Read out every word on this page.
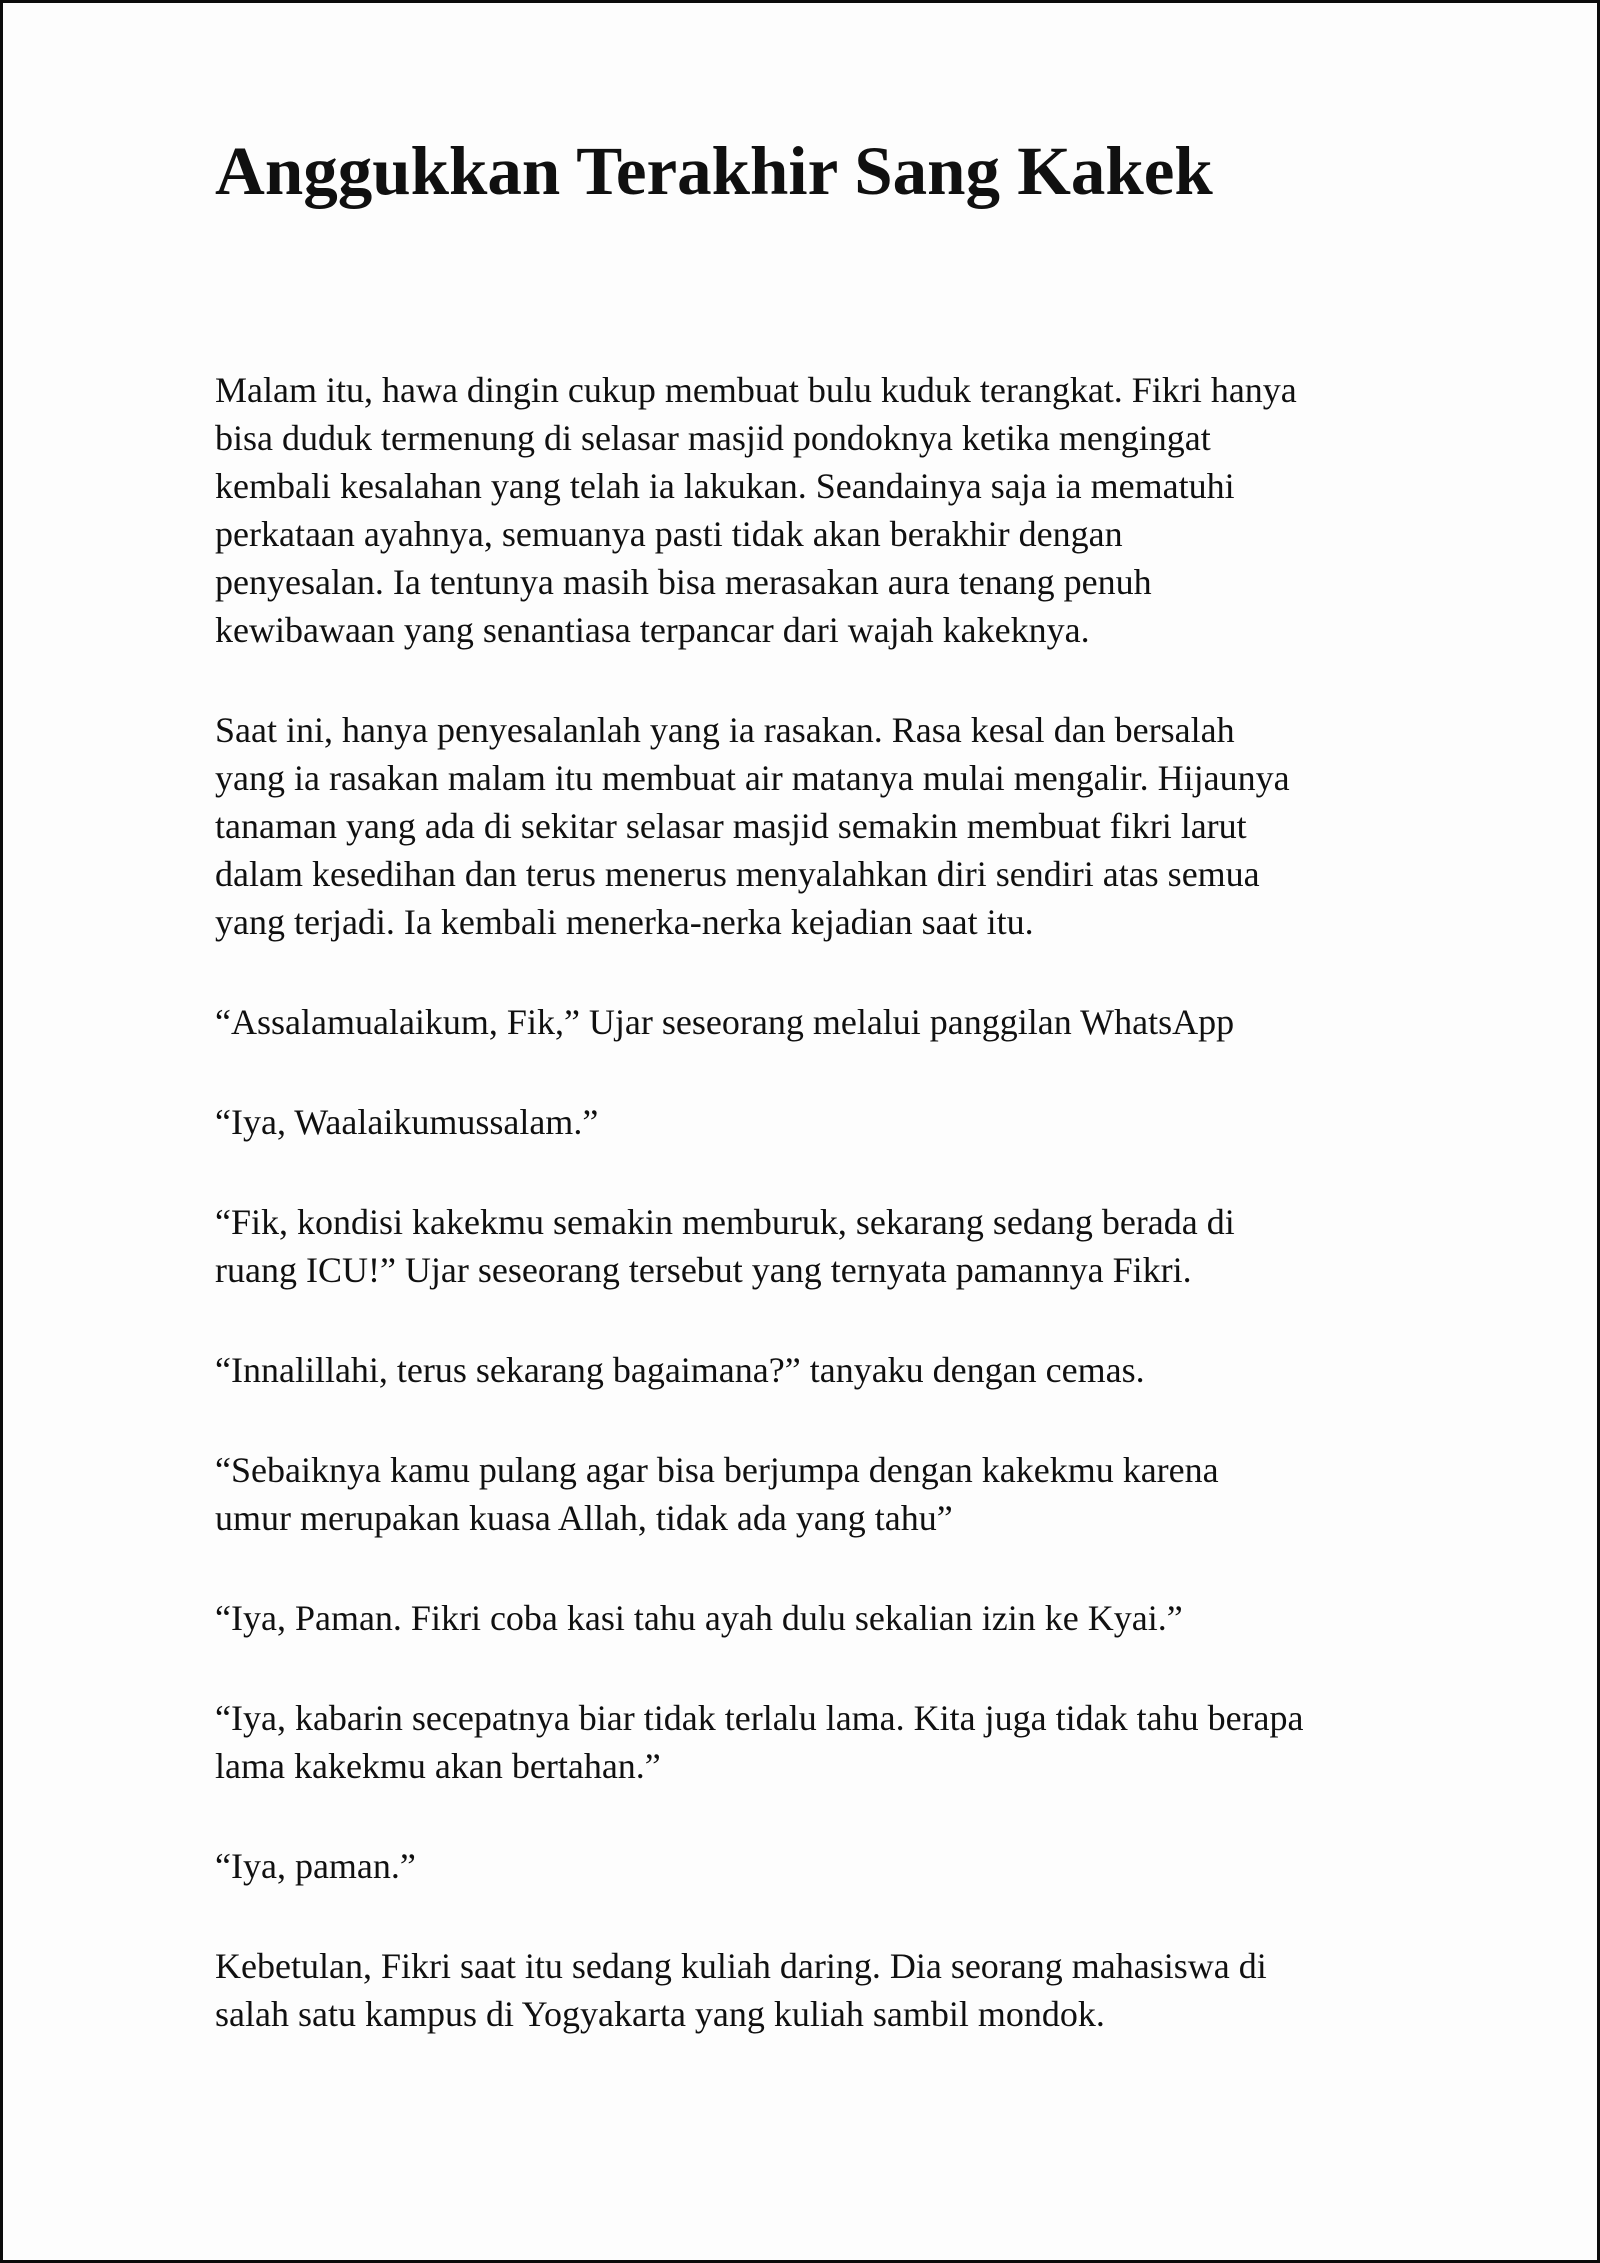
Anggukkan Terakhir Sang Kakek

Malam itu, hawa dingin cukup membuat bulu kuduk terangkat. Fikri hanya
bisa duduk termenung di selasar masjid pondoknya ketika mengingat
kembali kesalahan yang telah ia lakukan. Seandainya saja ia mematuhi
perkataan ayahnya, semuanya pasti tidak akan berakhir dengan
penyesalan. Ia tentunya masih bisa merasakan aura tenang penuh
kewibawaan yang senantiasa terpancar dari wajah kakeknya.

Saat ini, hanya penyesalanlah yang ia rasakan. Rasa kesal dan bersalah
yang ia rasakan malam itu membuat air matanya mulai mengalir. Hijaunya
tanaman yang ada di sekitar selasar masjid semakin membuat fikri larut
dalam kesedihan dan terus menerus menyalahkan diri sendiri atas semua
yang terjadi. Ia kembali menerka-nerka kejadian saat itu.

“Assalamualaikum, Fik,” Ujar seseorang melalui panggilan WhatsApp

“Iya, Waalaikumussalam.”

“Fik, kondisi kakekmu semakin memburuk, sekarang sedang berada di
ruang ICU!” Ujar seseorang tersebut yang ternyata pamannya Fikri.

“Innalillahi, terus sekarang bagaimana?” tanyaku dengan cemas.

“Sebaiknya kamu pulang agar bisa berjumpa dengan kakekmu karena
umur merupakan kuasa Allah, tidak ada yang tahu”

“Iya, Paman. Fikri coba kasi tahu ayah dulu sekalian izin ke Kyai.”

“Iya, kabarin secepatnya biar tidak terlalu lama. Kita juga tidak tahu berapa
lama kakekmu akan bertahan.”

“Iya, paman.”

Kebetulan, Fikri saat itu sedang kuliah daring. Dia seorang mahasiswa di
salah satu kampus di Yogyakarta yang kuliah sambil mondok.
